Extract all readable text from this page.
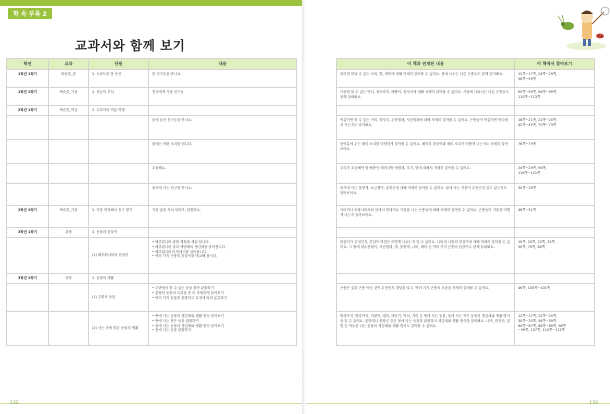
학 속 부록 2
교과서와 함께 보기
학년	교과	단원	내용
1학년 1학기	바슬즐_봄	2. 도란도란 봄 동산	봄 친구들을 만나요.
1학년 2학기	바슬즐_가을	2. 현규의 추석	현규에게 가을 친구들
2학년 1학기	바슬즐_여름	2. 초록이의 여름 여행	
			들에 들산 친구들을 만나요.
			물에는 어떤 소리를 냅니다.
			초심해요.
			물가에 사는 친구를 만나요.
2학년 2학기	바슬즐_가을	2. 가을 탐정해서 친구 찾기	가을 숲을 자치 알아가, 관찰하요.
3학년 1학기	과학	3. 동물의 한살이	
		(1) 배추흰나비의 한살이	• 배추흰나비 관찰 계획을 세워 봅니다.
• 배추흰나비 알과 애벌레의 생김새를 알아봅니다.
• 배추흰나비의 번데기를 알아봅니다.
• 여러 가지 곤충의 한살이를 비교해 봅시다.
3학년 2학기	과학	1. 동물의 생활	
		(1) 주변의 동물	• 주변에서 볼 수 있는 동물 찾아 관찰하기
• 관찰한 동물의 특징을 좀 더 자세하게 알아보기
• 여러 가지 동물을 관찰하고 특징에 따라 분류하기
		(2) 사는 곳에 따른 동물의 생활	• 땅에 사는 동물의 생김새와 생활 방식 알아보기
• 땅에 사는 작은 동물 관찰하기
• 물에 사는 동물의 생김새와 생활 방식 알아보기
• 물에 사는 동물 관찰하기
132
이 책과 연계된 내용	이 책에서 찾아보기
봄이면 만날 수 있는 나비, 벌, 개미에 대해 자세히 알아볼 수 있어요. 봄에 나오는 다른 곤충들도 함께 알아봐요.	12쪽~17쪽, 26쪽~29쪽,
56쪽~59쪽
가을에 볼 수 있는 여치, 귀뚜라미, 베짱이, 잠자리에 대해 자세히 알아볼 수 있어요. 가을에 나타나는 다른 곤충들도 함께 살펴봐요.	90쪽~93쪽, 96쪽~99쪽,
110쪽~113쪽

여름이면 볼 수 있는 거미, 잠자리, 무당벌레, 사슴벌레에 대해 자세히 알아볼 수 있어요. 곤충들이 여름이면 어디에서 사는지도 알아봐요.	18쪽~21쪽, 22쪽~25쪽,
42쪽~45쪽, 70쪽~73쪽
한여름에 우는 매미 소리를 다양하게 알아볼 수 있어요. 매미의 한살이와 매미 소리가 어떻게 나는지도 자세히 알아보아요.	76쪽~79쪽
우리가 초심해야 할 해충인 매미나방 애벌레, 모기, 벌에 대해서 자세히 알아볼 수 있어요.	24쪽~29쪽, 96쪽,
116쪽~121쪽
물가에 사는 물방개, 소금쟁이, 물장군에 대해 자세히 알아볼 수 있어요. 물에 사는 식물이 무엇인지 알고 있는지도 알아보아요.	30쪽~35쪽
사마귀나 호랑나비처럼 알에서 번데기로 가을을 나는 곤충들에 대해 자세히 알아볼 수 있어요. 곤충들이 겨울을 어떻게 나는지 알아보아요.	46쪽~51쪽

한살이가 무엇인지, 한살이 방법은 어떻게 나뉘는지 알 수 있어요. 나비의 나방의 한살이에 대해 자세히 알아볼 수 있어요. 그 밖에 장수풍뎅이, 사슴벌레, 벌, 물방개, 나비, 매미 등 여러 가지 곤충의 한살이도 함께 살펴봐요.	10쪽, 20쪽, 23쪽, 32쪽,
50쪽, 70쪽, 84쪽

곤충은 것과 곤충 아닌 것이 무엇인지 개념을 알고, 여러 가지 곤충의 모습을 자세히 살펴볼 수 있어요.	46쪽, 100쪽~101쪽
땅강아지, 땅강아지, 지렁이, 매미, 메뚜기, 여치, 거미 등 땅에 사는 동물, 물에 사는 작은 동물의 생김새와 생활 방식을 알 수 있어요. 물방개나 물장군 같은 물에 사는 동물을 관찰하고 생김새와 생활 방식을 알아봐요. 나비, 잠자리, 꿀벌 등 하늘을 나는 동물의 생김새와 생활 방식도 알아볼 수 있어요.	12쪽~17쪽, 22쪽~25쪽,
30쪽~33쪽, 56쪽~59쪽,
64쪽~67쪽, 86쪽~89쪽, 96쪽
~99쪽, 107쪽, 110쪽~113쪽
133
